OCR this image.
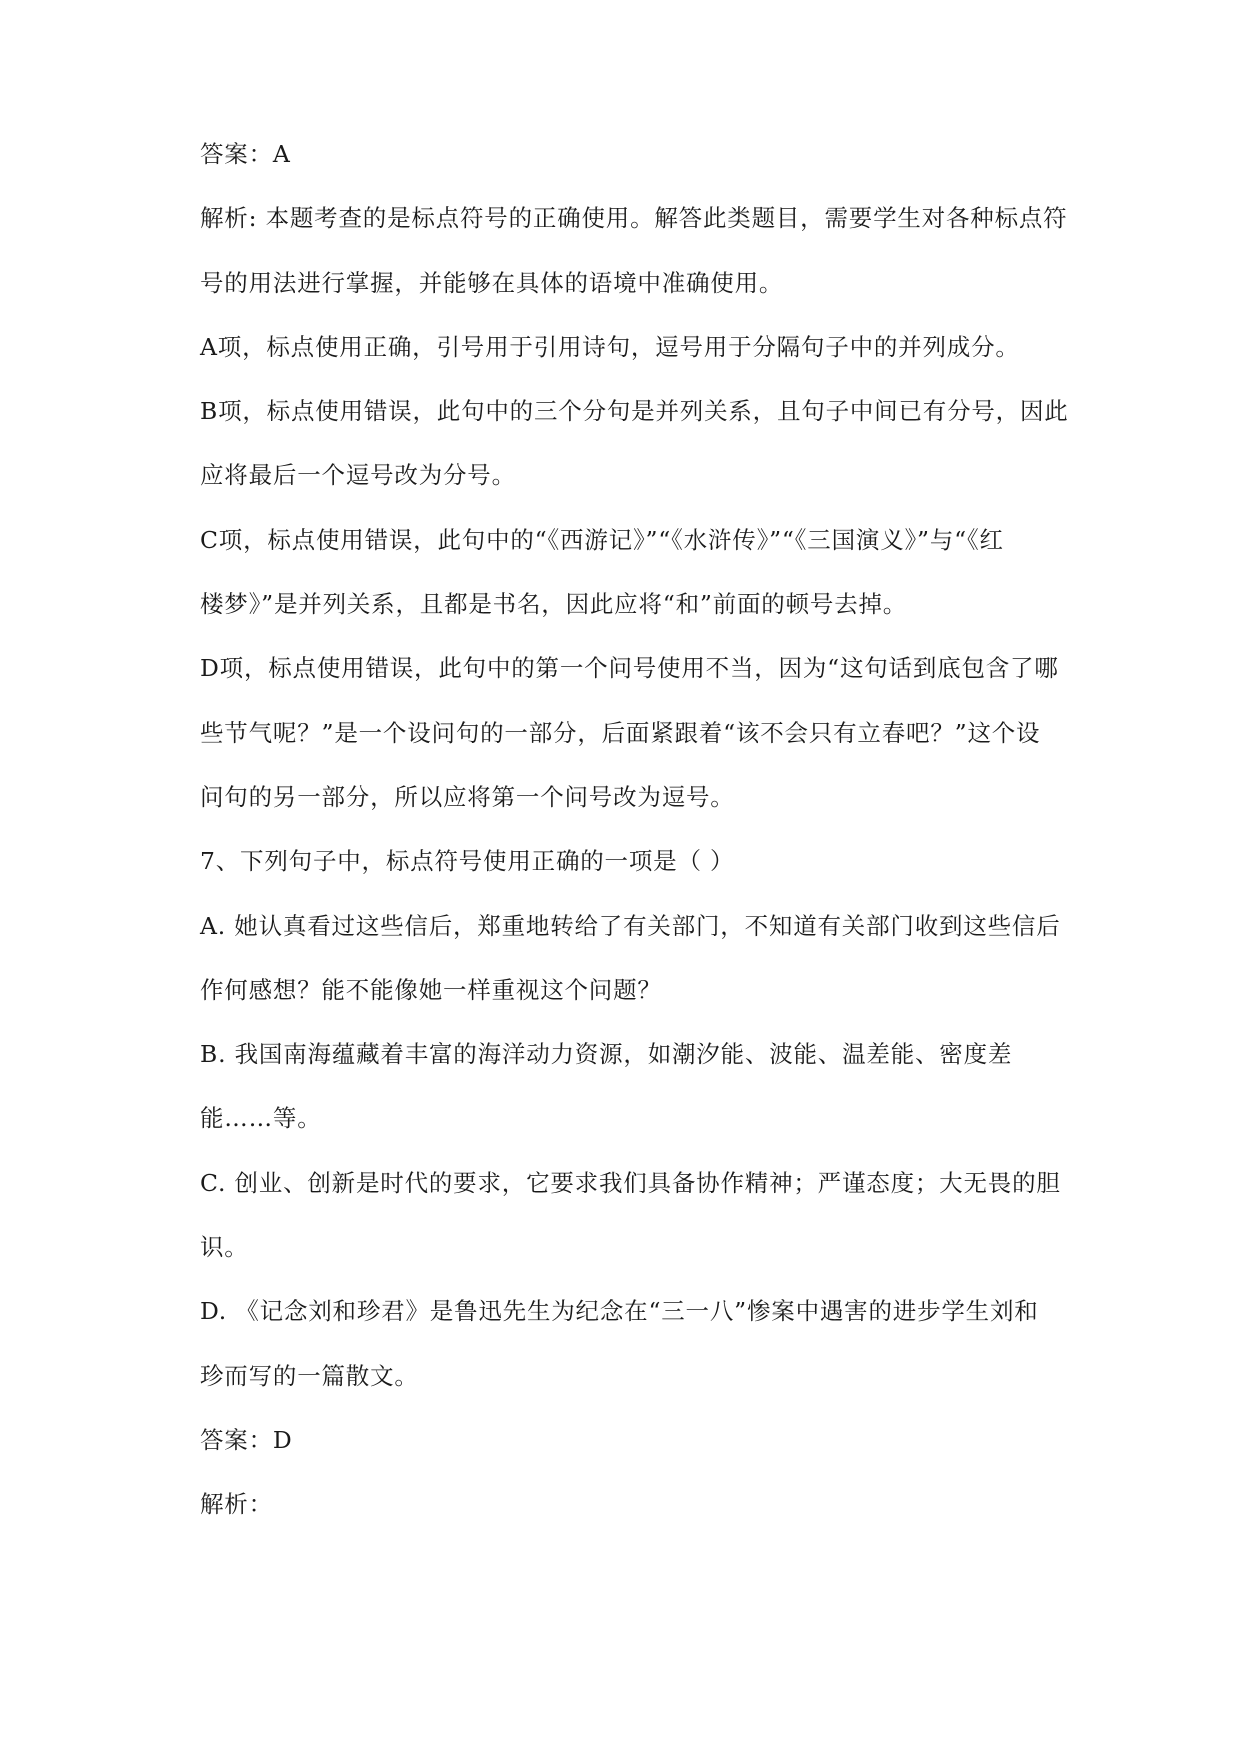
答案：A
解析: 本题考查的是标点符号的正确使用。解答此类题目，需要学生对各种标点符
号的用法进行掌握，并能够在具体的语境中准确使用。
A项，标点使用正确，引号用于引用诗句，逗号用于分隔句子中的并列成分。
B项，标点使用错误，此句中的三个分句是并列关系，且句子中间已有分号，因此
应将最后一个逗号改为分号。
C项，标点使用错误，此句中的“《西游记》”“《水浒传》”“《三国演义》”与“《红
楼梦》”是并列关系，且都是书名，因此应将“和”前面的顿号去掉。
D项，标点使用错误，此句中的第一个问号使用不当，因为“这句话到底包含了哪
些节气呢？”是一个设问句的一部分，后面紧跟着“该不会只有立春吧？”这个设
问句的另一部分，所以应将第一个问号改为逗号。
7、下列句子中，标点符号使用正确的一项是（ ）
A. 她认真看过这些信后，郑重地转给了有关部门，不知道有关部门收到这些信后
作何感想？能不能像她一样重视这个问题？
B. 我国南海蕴藏着丰富的海洋动力资源，如潮汐能、波能、温差能、密度差
能……等。
C. 创业、创新是时代的要求，它要求我们具备协作精神；严谨态度；大无畏的胆
识。
D. 《记念刘和珍君》是鲁迅先生为纪念在“三一八”惨案中遇害的进步学生刘和
珍而写的一篇散文。
答案：D
解析：
